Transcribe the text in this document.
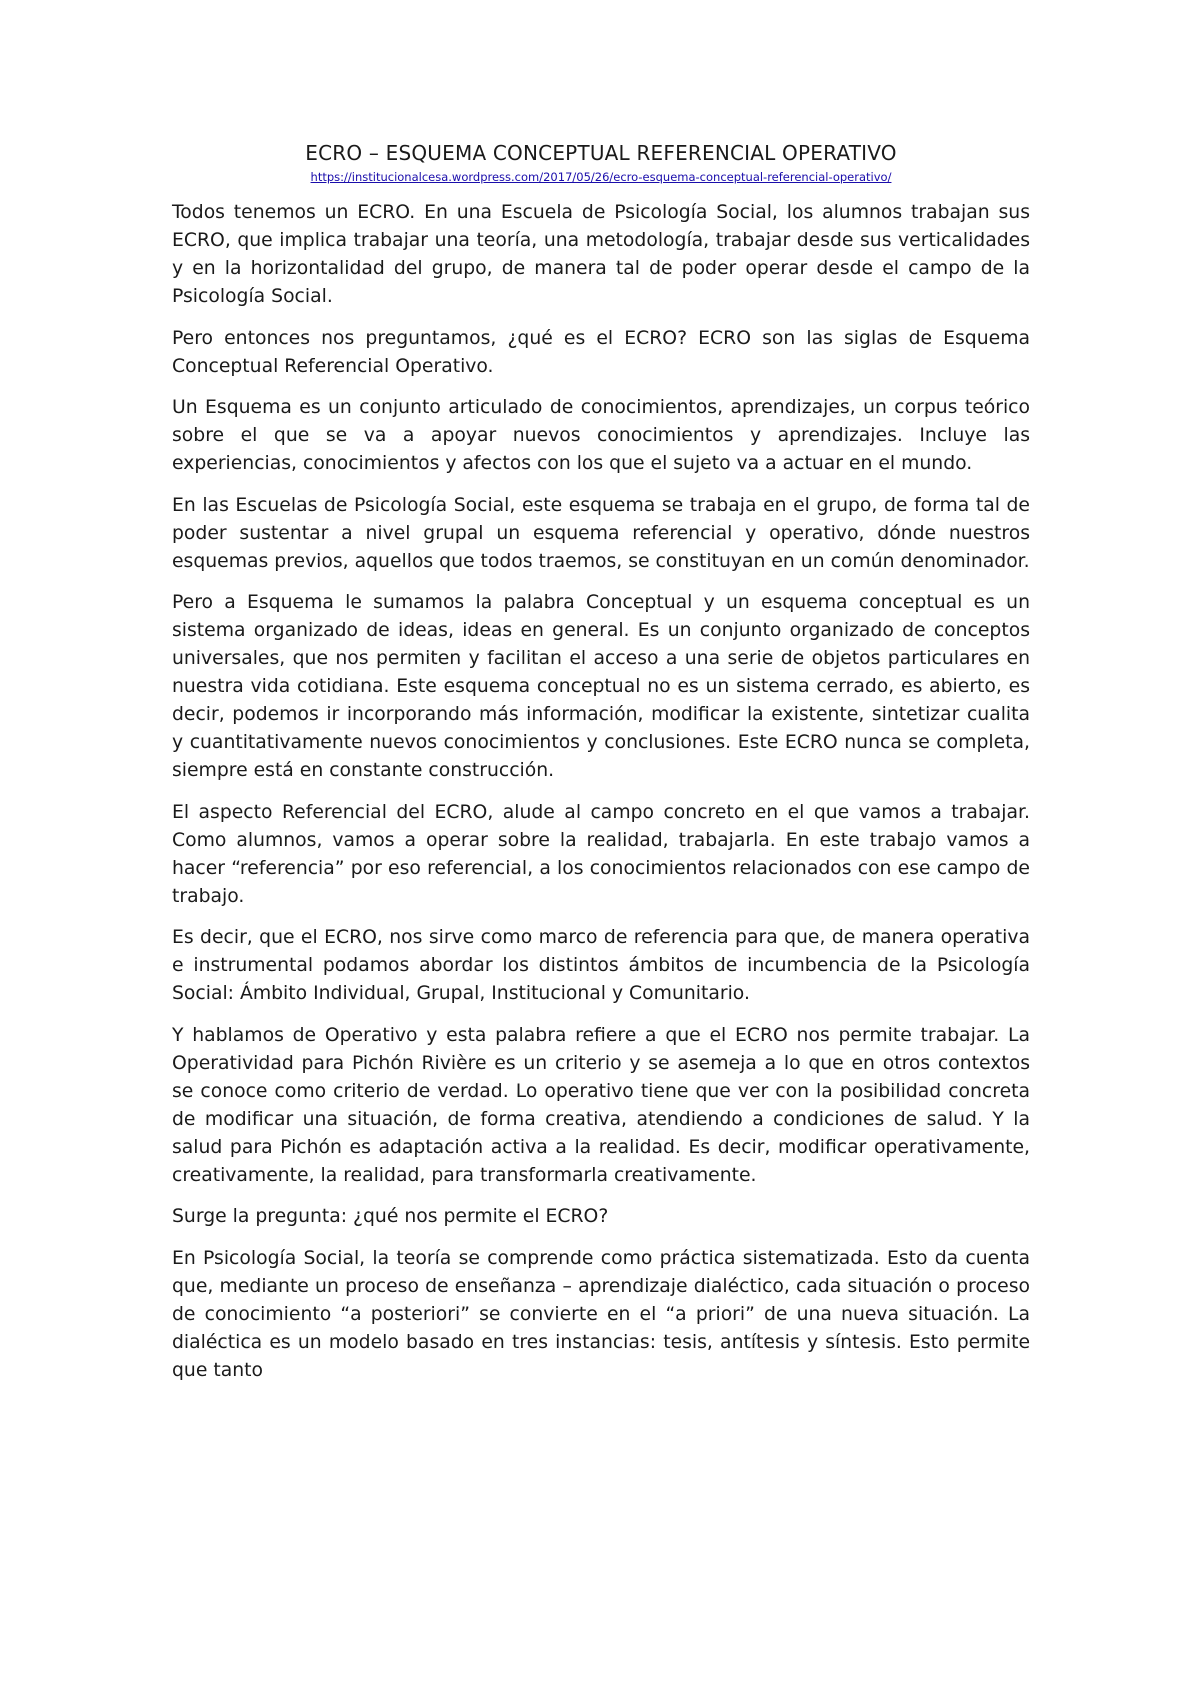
ECRO – ESQUEMA CONCEPTUAL REFERENCIAL OPERATIVO
https://institucionalcesa.wordpress.com/2017/05/26/ecro-esquema-conceptual-referencial-operativo/

Todos tenemos un ECRO. En una Escuela de Psicología Social, los alumnos trabajan sus ECRO, que implica trabajar una teoría, una metodología, trabajar desde sus verticalidades y en la horizontalidad del grupo, de manera tal de poder operar desde el campo de la Psicología Social.

Pero entonces nos preguntamos, ¿qué es el ECRO? ECRO son las siglas de Esquema Conceptual Referencial Operativo.

Un Esquema es un conjunto articulado de conocimientos, aprendizajes, un corpus teórico sobre el que se va a apoyar nuevos conocimientos y aprendizajes. Incluye las experiencias, conocimientos y afectos con los que el sujeto va a actuar en el mundo.

En las Escuelas de Psicología Social, este esquema se trabaja en el grupo, de forma tal de poder sustentar a nivel grupal un esquema referencial y operativo, dónde nuestros esquemas previos, aquellos que todos traemos, se constituyan en un común denominador.

Pero a Esquema le sumamos la palabra Conceptual y un esquema conceptual es un sistema organizado de ideas, ideas en general. Es un conjunto organizado de conceptos universales, que nos permiten y facilitan el acceso a una serie de objetos particulares en nuestra vida cotidiana. Este esquema conceptual no es un sistema cerrado, es abierto, es decir, podemos ir incorporando más información, modificar la existente, sintetizar cualita y cuantitativamente nuevos conocimientos y conclusiones. Este ECRO nunca se completa, siempre está en constante construcción.

El aspecto Referencial del ECRO, alude al campo concreto en el que vamos a trabajar. Como alumnos, vamos a operar sobre la realidad, trabajarla. En este trabajo vamos a hacer “referencia” por eso referencial, a los conocimientos relacionados con ese campo de trabajo.

Es decir, que el ECRO, nos sirve como marco de referencia para que, de manera operativa e instrumental podamos abordar los distintos ámbitos de incumbencia de la Psicología Social: Ámbito Individual, Grupal, Institucional y Comunitario.

Y hablamos de Operativo y esta palabra refiere a que el ECRO nos permite trabajar. La Operatividad para Pichón Rivière es un criterio y se asemeja a lo que en otros contextos se conoce como criterio de verdad. Lo operativo tiene que ver con la posibilidad concreta de modificar una situación, de forma creativa, atendiendo a condiciones de salud. Y la salud para Pichón es adaptación activa a la realidad. Es decir, modificar operativamente, creativamente, la realidad, para transformarla creativamente.

Surge la pregunta: ¿qué nos permite el ECRO?

En Psicología Social, la teoría se comprende como práctica sistematizada. Esto da cuenta que, mediante un proceso de enseñanza – aprendizaje dialéctico, cada situación o proceso de conocimiento “a posteriori” se convierte en el “a priori” de una nueva situación. La dialéctica es un modelo basado en tres instancias: tesis, antítesis y síntesis. Esto permite que tanto
